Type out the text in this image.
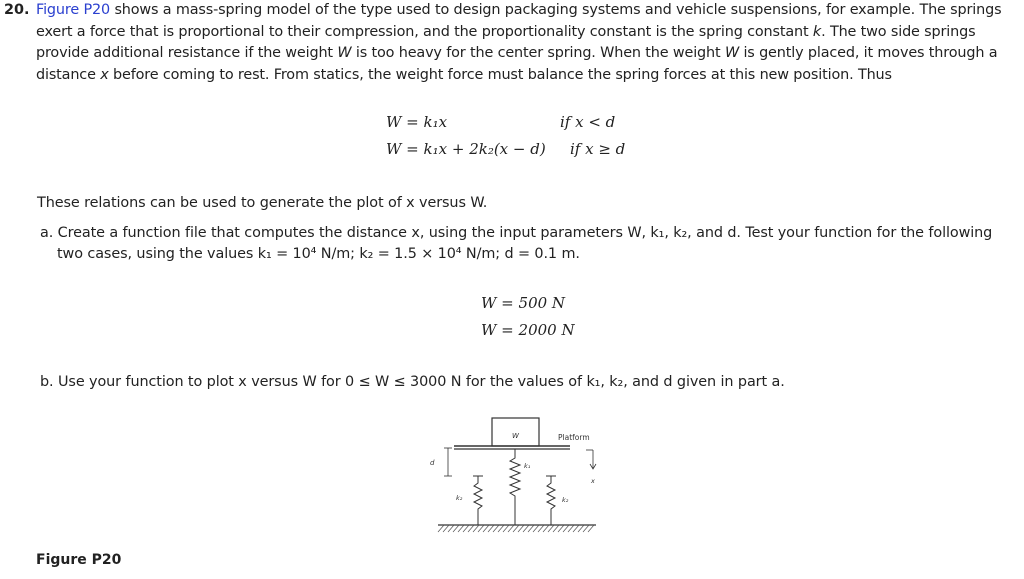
20. Figure P20 shows a mass-spring model of the type used to design packaging systems and vehicle suspensions, for example. The springs exert a force that is proportional to their compression, and the proportionality constant is the spring constant k. The two side springs provide additional resistance if the weight W is too heavy for the center spring. When the weight W is gently placed, it moves through a distance x before coming to rest. From statics, the weight force must balance the spring forces at this new position. Thus
W = k₁x	if x < d
W = k₁x + 2k₂(x − d) if x ≥ d
These relations can be used to generate the plot of x versus W.
a. Create a function file that computes the distance x, using the input parameters W, k₁, k₂, and d. Test your function for the following
two cases, using the values k₁ = 10⁴ N/m; k₂ = 1.5 × 10⁴ N/m; d = 0.1 m.
W = 500 N
W = 2000 N
b. Use your function to plot x versus W for 0 ≤ W ≤ 3000 N for the values of k₁, k₂, and d given in part a.
W	Platform
d
x
k₁
k₂	k₂
Figure P20
